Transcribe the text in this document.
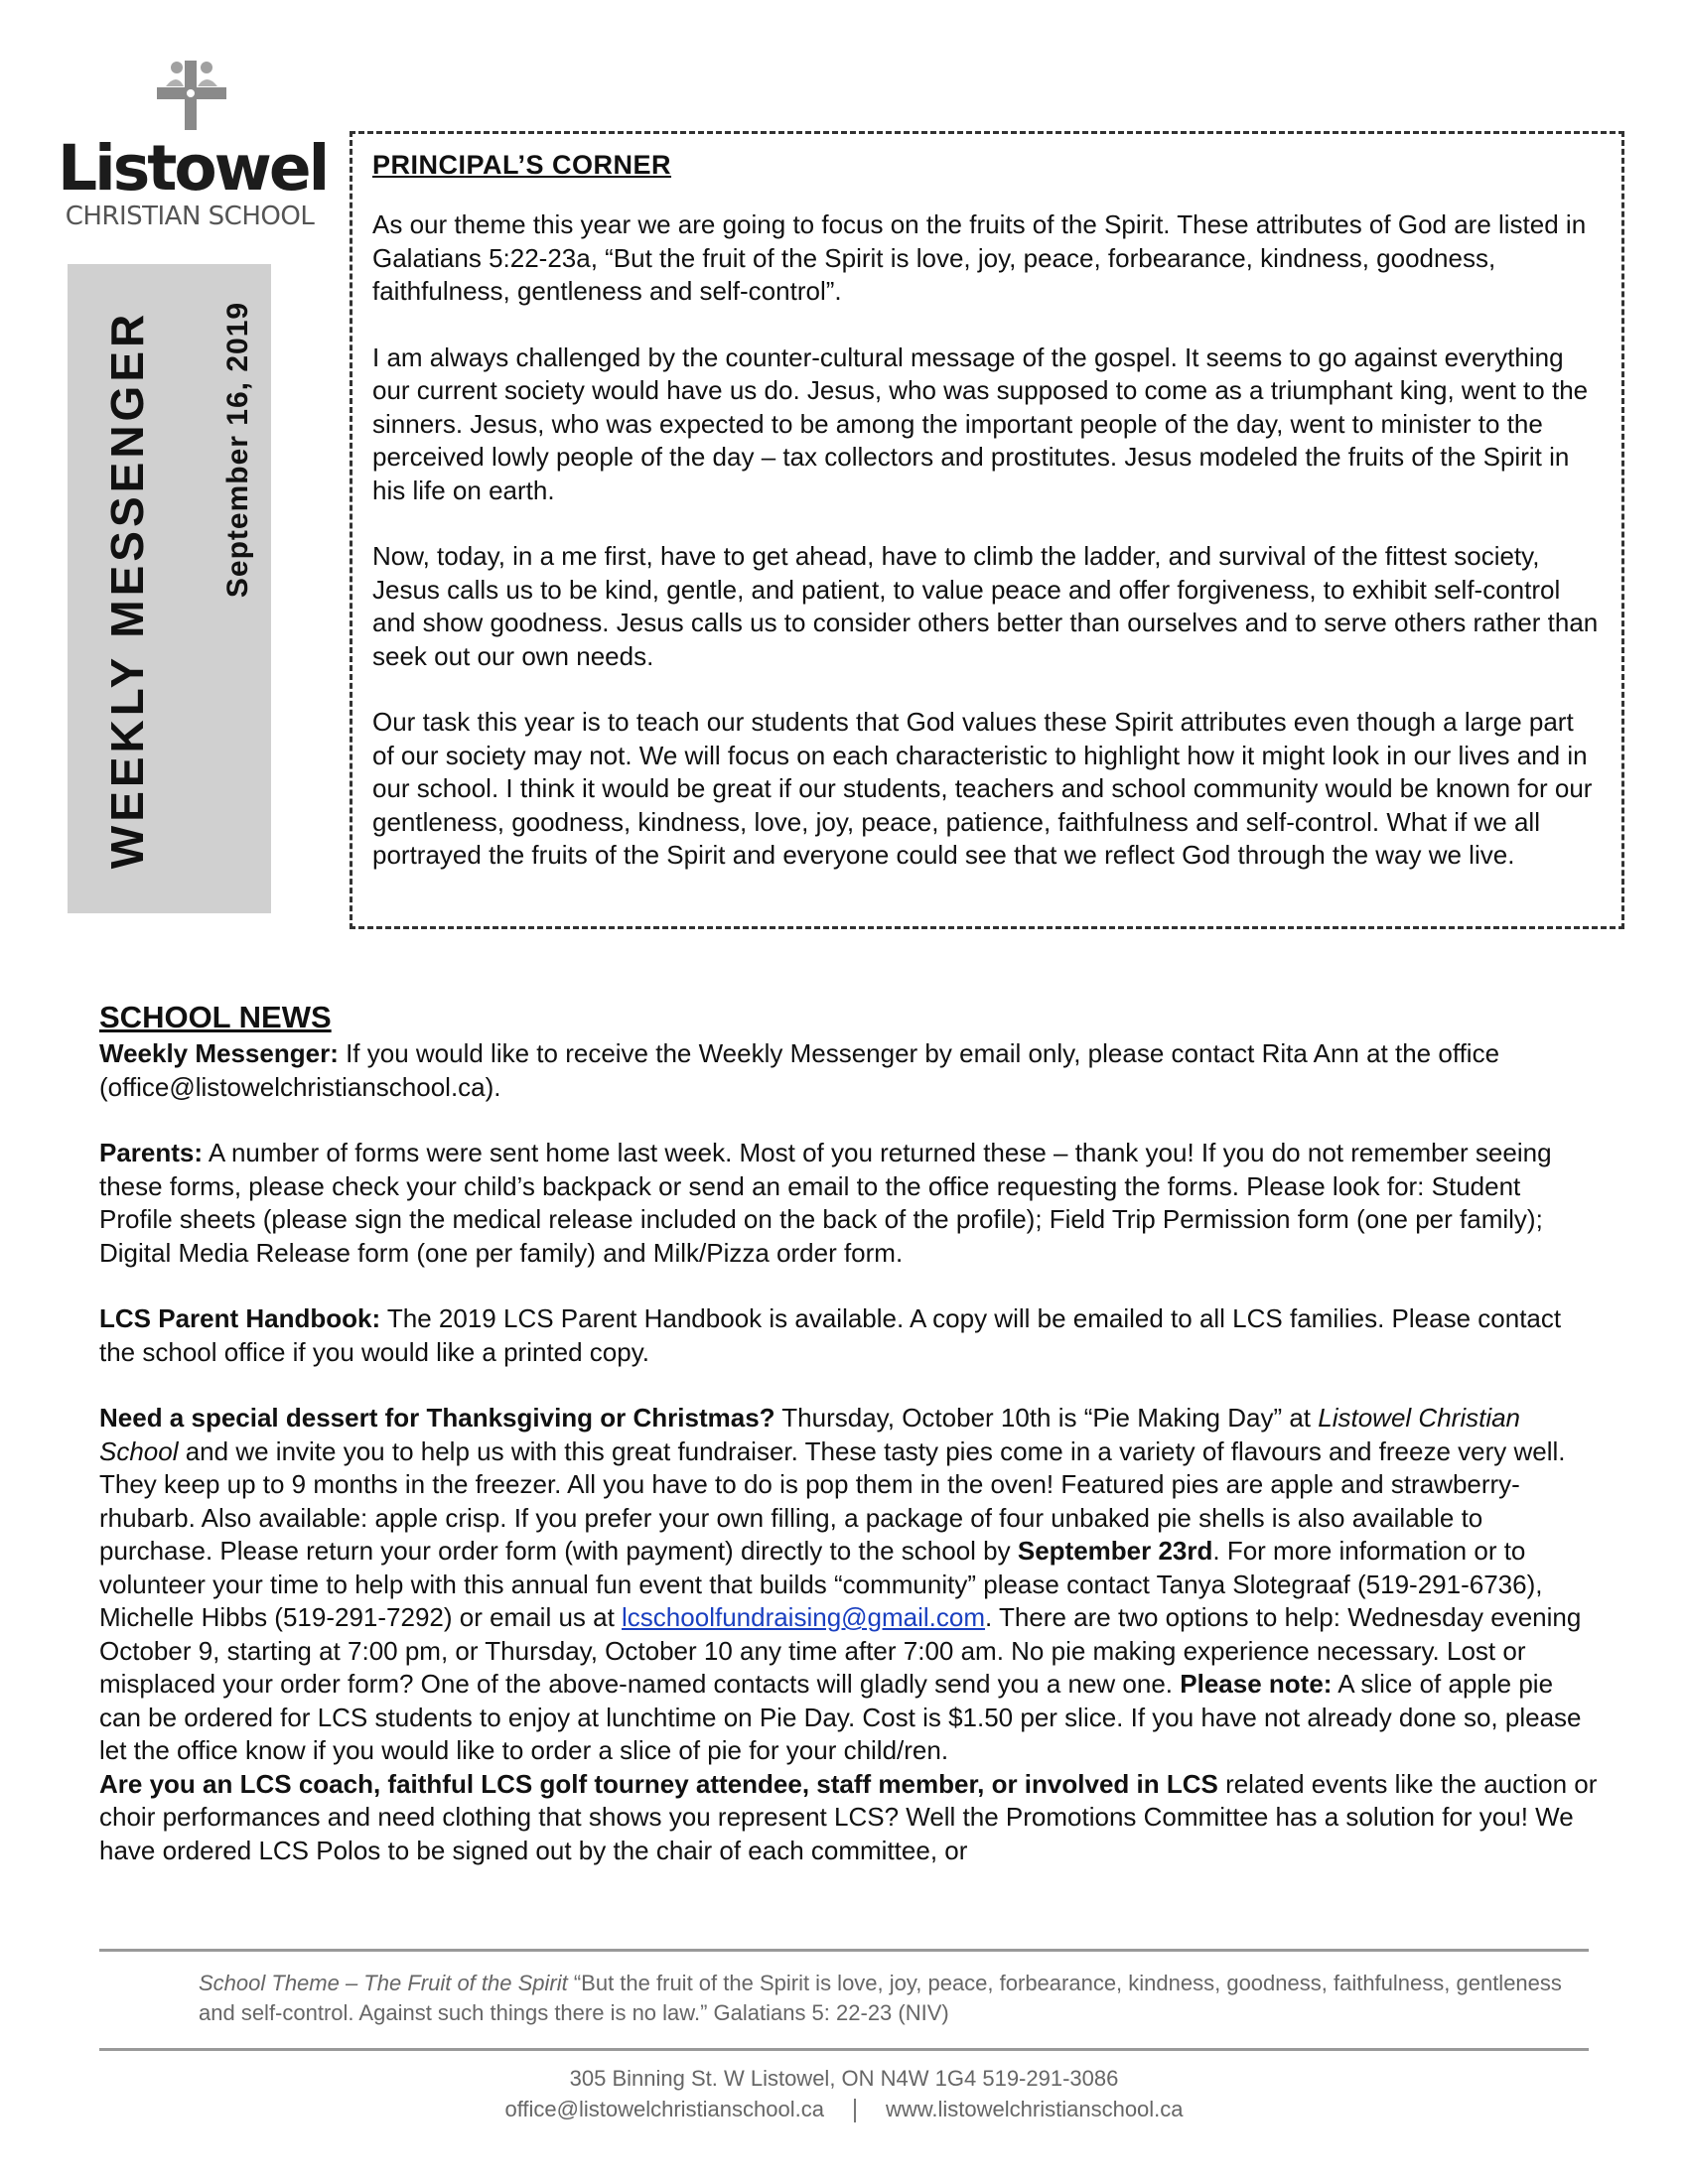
Listowel
CHRISTIAN SCHOOL
WEEKLY MESSENGER September 16, 2019
PRINCIPAL’S CORNER

As our theme this year we are going to focus on the fruits of the Spirit. These attributes of God are listed in Galatians 5:22-23a, “But the fruit of the Spirit is love, joy, peace, forbearance, kindness, goodness, faithfulness, gentleness and self-control”.

I am always challenged by the counter-cultural message of the gospel. It seems to go against everything our current society would have us do. Jesus, who was supposed to come as a triumphant king, went to the sinners. Jesus, who was expected to be among the important people of the day, went to minister to the perceived lowly people of the day – tax collectors and prostitutes. Jesus modeled the fruits of the Spirit in his life on earth.

Now, today, in a me first, have to get ahead, have to climb the ladder, and survival of the fittest society, Jesus calls us to be kind, gentle, and patient, to value peace and offer forgiveness, to exhibit self-control and show goodness. Jesus calls us to consider others better than ourselves and to serve others rather than seek out our own needs.

Our task this year is to teach our students that God values these Spirit attributes even though a large part of our society may not. We will focus on each characteristic to highlight how it might look in our lives and in our school. I think it would be great if our students, teachers and school community would be known for our gentleness, goodness, kindness, love, joy, peace, patience, faithfulness and self-control. What if we all portrayed the fruits of the Spirit and everyone could see that we reflect God through the way we live.

SCHOOL NEWS

Weekly Messenger: If you would like to receive the Weekly Messenger by email only, please contact Rita Ann at the office (office@listowelchristianschool.ca).

Parents: A number of forms were sent home last week. Most of you returned these – thank you! If you do not remember seeing these forms, please check your child’s backpack or send an email to the office requesting the forms. Please look for: Student Profile sheets (please sign the medical release included on the back of the profile); Field Trip Permission form (one per family); Digital Media Release form (one per family) and Milk/Pizza order form.

LCS Parent Handbook: The 2019 LCS Parent Handbook is available. A copy will be emailed to all LCS families. Please contact the school office if you would like a printed copy.

Need a special dessert for Thanksgiving or Christmas? Thursday, October 10th is “Pie Making Day” at Listowel Christian School and we invite you to help us with this great fundraiser. These tasty pies come in a variety of flavours and freeze very well. They keep up to 9 months in the freezer. All you have to do is pop them in the oven! Featured pies are apple and strawberry-rhubarb. Also available: apple crisp. If you prefer your own filling, a package of four unbaked pie shells is also available to purchase. Please return your order form (with payment) directly to the school by September 23rd. For more information or to volunteer your time to help with this annual fun event that builds “community” please contact Tanya Slotegraaf (519-291-6736), Michelle Hibbs (519-291-7292) or email us at lcschoolfundraising@gmail.com. There are two options to help: Wednesday evening October 9, starting at 7:00 pm, or Thursday, October 10 any time after 7:00 am. No pie making experience necessary. Lost or misplaced your order form? One of the above-named contacts will gladly send you a new one. Please note: A slice of apple pie can be ordered for LCS students to enjoy at lunchtime on Pie Day. Cost is $1.50 per slice. If you have not already done so, please let the office know if you would like to order a slice of pie for your child/ren.

Are you an LCS coach, faithful LCS golf tourney attendee, staff member, or involved in LCS related events like the auction or choir performances and need clothing that shows you represent LCS? Well the Promotions Committee has a solution for you! We have ordered LCS Polos to be signed out by the chair of each committee, or

School Theme – The Fruit of the Spirit “But the fruit of the Spirit is love, joy, peace, forbearance, kindness, goodness, faithfulness, gentleness and self-control. Against such things there is no law.” Galatians 5: 22-23 (NIV)
305 Binning St. W Listowel, ON N4W 1G4 519-291-3086
office@listowelchristianschool.ca	www.listowelchristianschool.ca
